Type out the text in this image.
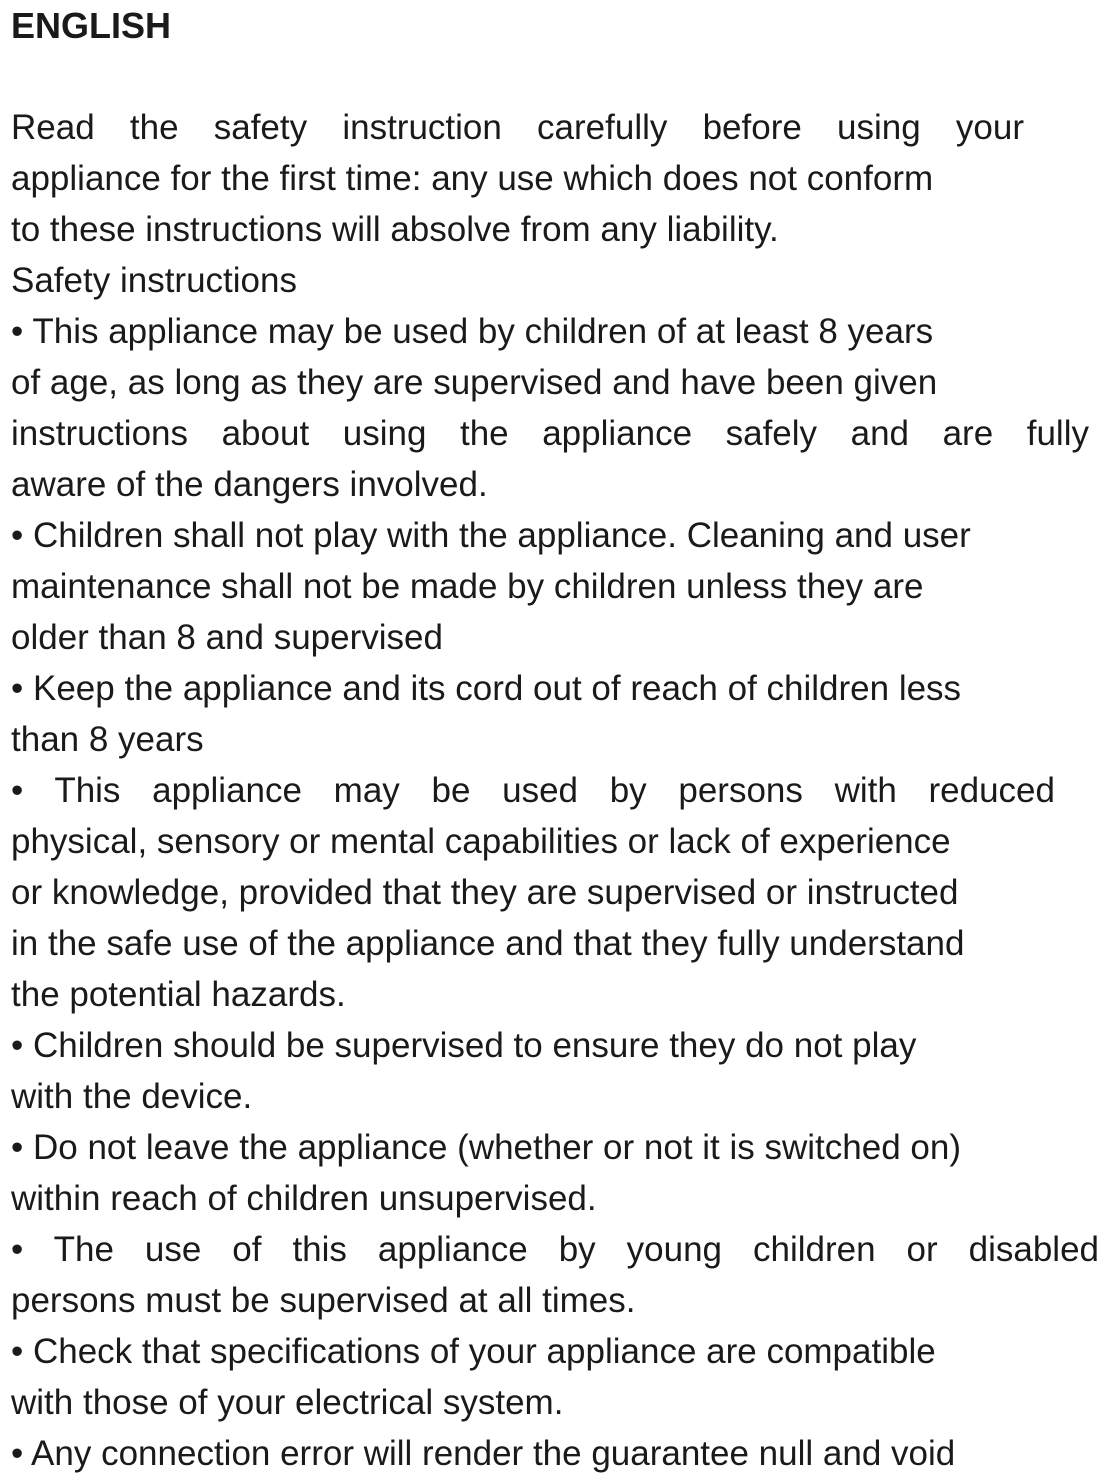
ENGLISH
Read the safety instruction carefully before using your
appliance for the first time: any use which does not conform
to these instructions will absolve from any liability.
Safety instructions
• This appliance may be used by children of at least 8 years
of age, as long as they are supervised and have been given
instructions about using the appliance safely and are fully
aware of the dangers involved.
• Children shall not play with the appliance. Cleaning and user
maintenance shall not be made by children unless they are
older than 8 and supervised
• Keep the appliance and its cord out of reach of children less
than 8 years
• This appliance may be used by persons with reduced
physical, sensory or mental capabilities or lack of experience
or knowledge, provided that they are supervised or instructed
in the safe use of the appliance and that they fully understand
the potential hazards.
• Children should be supervised to ensure they do not play
with the device.
• Do not leave the appliance (whether or not it is switched on)
within reach of children unsupervised.
• The use of this appliance by young children or disabled
persons must be supervised at all times.
• Check that specifications of your appliance are compatible
with those of your electrical system.
• Any connection error will render the guarantee null and void
